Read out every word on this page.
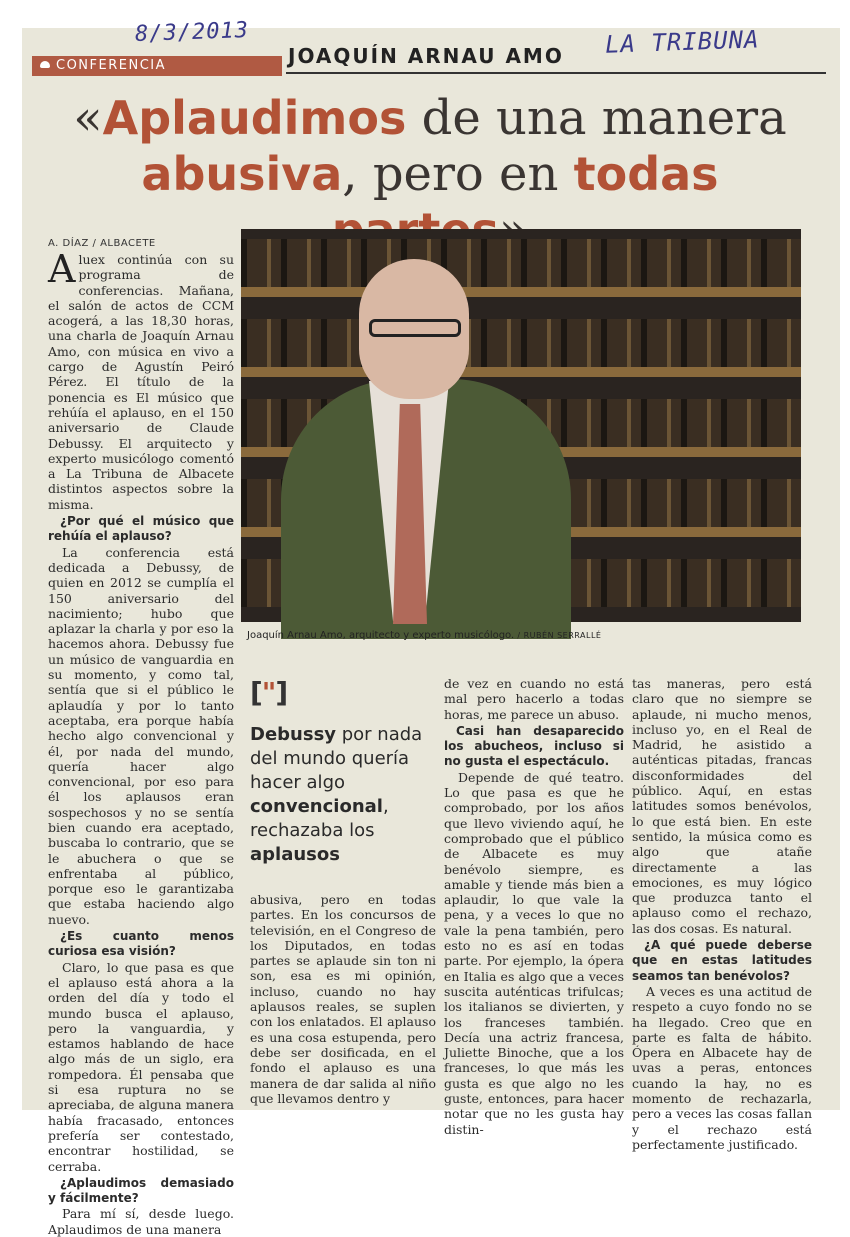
8/3/2013	LA TRIBUNA
CONFERENCIA	JOAQUÍN ARNAU AMO
«Aplaudimos de una manera
abusiva, pero en todas
A. DÍAZ / ALBACETE

Aluex continúa con su programa de conferencias. Mañana, el salón de actos de CCM acogerá, a las 18,30 horas, una charla de Joaquín Arnau Amo, con música en vivo a cargo de Agustín Peiró Pérez. El título de la ponencia es El músico que rehúía el aplauso, en el 150 aniversario de Claude Debussy. El arquitecto y experto musicólogo comentó a La Tribuna de Albacete distintos aspectos sobre la misma.

¿Por qué el músico que rehúía el aplauso?

La conferencia está dedicada a Debussy, de quien en 2012 se cumplía el 150 aniversario del nacimiento; hubo que aplazar la charla y por eso la hacemos ahora. Debussy fue un músico de vanguardia en su momento, y como tal, sentía que si el público le aplaudía y por lo tanto aceptaba, era porque había hecho algo convencional y él, por nada del mundo, quería hacer algo convencional, por eso para él los aplausos eran sospechosos y no se sentía bien cuando era aceptado, buscaba lo contrario, que se le abuchera o que se enfrentaba al público, porque eso le garantizaba que estaba haciendo algo nuevo.

¿Es cuanto menos curiosa esa visión?

Claro, lo que pasa es que el aplauso está ahora a la orden del día y todo el mundo busca el aplauso, pero la vanguardia, y estamos hablando de hace algo más de un siglo, era rompedora. Él pensaba que si esa ruptura no se apreciaba, de alguna manera había fracasado, entonces prefería ser contestado, encontrar hostilidad, se cerraba.

¿Aplaudimos demasiado y fácilmente?

Para mí sí, desde luego. Aplaudimos de una manera

Joaquín Arnau Amo, arquitecto y experto musicólogo. / RUBÉN SERRALLÉ
["]
Debussy por nada del mundo quería hacer algo convencional, rechazaba los aplausos

abusiva, pero en todas partes. En los concursos de televisión, en el Congreso de los Diputados, en todas partes se aplaude sin ton ni son, esa es mi opinión, incluso, cuando no hay aplausos reales, se suplen con los enlatados. El aplauso es una cosa estupenda, pero debe ser dosificada, en el fondo el aplauso es una manera de dar salida al niño que llevamos dentro y

de vez en cuando no está mal pero hacerlo a todas horas, me parece un abuso.

Casi han desaparecido los abucheos, incluso si no gusta el espectáculo.

Depende de qué teatro. Lo que pasa es que he comprobado, por los años que llevo viviendo aquí, he comprobado que el público de Albacete es muy benévolo siempre, es amable y tiende más bien a aplaudir, lo que vale la pena, y a veces lo que no vale la pena también, pero esto no es así en todas parte. Por ejemplo, la ópera en Italia es algo que a veces suscita auténticas trifulcas; los italianos se divierten, y los franceses también. Decía una actriz francesa, Juliette Binoche, que a los franceses, lo que más les gusta es que algo no les guste, entonces, para hacer notar que no les gusta hay distin-

tas maneras, pero está claro que no siempre se aplaude, ni mucho menos, incluso yo, en el Real de Madrid, he asistido a auténticas pitadas, francas disconformidades del público. Aquí, en estas latitudes somos benévolos, lo que está bien. En este sentido, la música como es algo que atañe directamente a las emociones, es muy lógico que produzca tanto el aplauso como el rechazo, las dos cosas. Es natural.

¿A qué puede deberse que en estas latitudes seamos tan benévolos?

A veces es una actitud de respeto a cuyo fondo no se ha llegado. Creo que en parte es falta de hábito. Ópera en Albacete hay de uvas a peras, entonces cuando la hay, no es momento de rechazarla, pero a veces las cosas fallan y el rechazo está perfectamente justificado.
